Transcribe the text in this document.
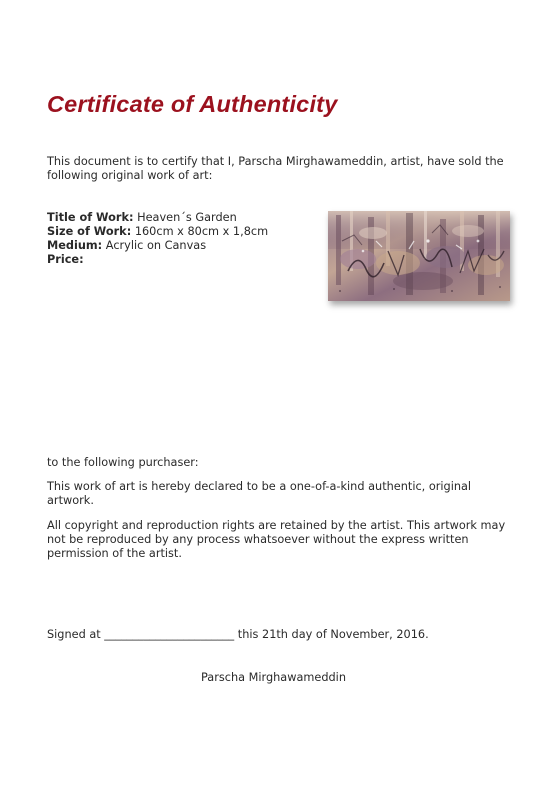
Certificate of Authenticity

This document is to certify that I, Parscha Mirghawameddin, artist, have sold the following original work of art:

Title of Work: Heaven´s Garden
Size of Work: 160cm x 80cm x 1,8cm
Medium: Acrylic on Canvas
Price:

to the following purchaser:

This work of art is hereby declared to be a one-of-a-kind authentic, original artwork.

All copyright and reproduction rights are retained by the artist. This artwork may not be reproduced by any process whatsoever without the express written permission of the artist.

Signed at _______________________ this 21th day of November, 2016.
Parscha Mirghawameddin
